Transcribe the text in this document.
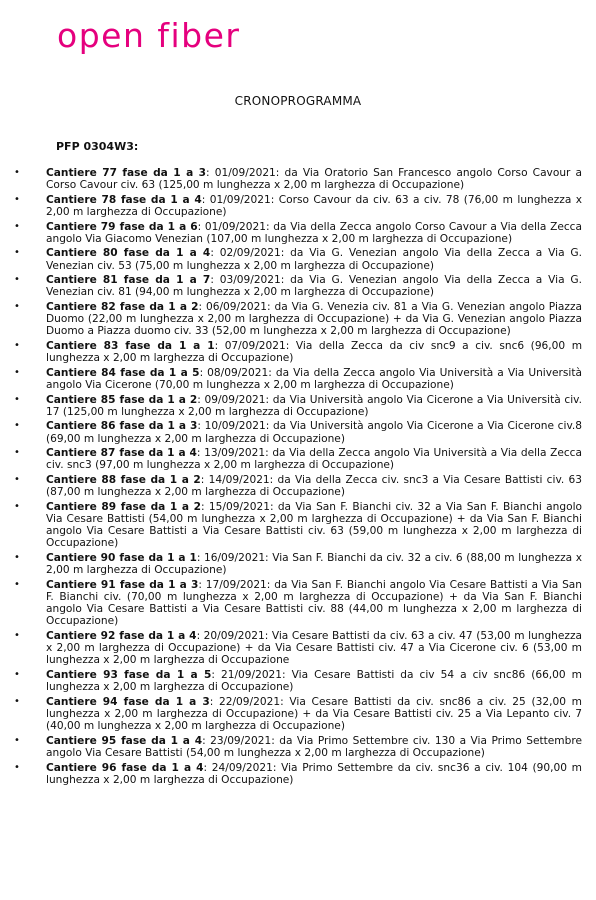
open fiber
CRONOPROGRAMMA
PFP 0304W3:
• Cantiere 77 fase da 1 a 3: 01/09/2021: da Via Oratorio San Francesco angolo Corso Cavour a Corso Cavour civ. 63 (125,00 m lunghezza x 2,00 m larghezza di Occupazione)
• Cantiere 78 fase da 1 a 4: 01/09/2021: Corso Cavour da civ. 63 a civ. 78 (76,00 m lunghezza x 2,00 m larghezza di Occupazione)
• Cantiere 79 fase da 1 a 6: 01/09/2021: da Via della Zecca angolo Corso Cavour a Via della Zecca angolo Via Giacomo Venezian (107,00 m lunghezza x 2,00 m larghezza di Occupazione)
• Cantiere 80 fase da 1 a 4: 02/09/2021: da Via G. Venezian angolo Via della Zecca a Via G. Venezian civ. 53 (75,00 m lunghezza x 2,00 m larghezza di Occupazione)
• Cantiere 81 fase da 1 a 7: 03/09/2021: da Via G. Venezian angolo Via della Zecca a Via G. Venezian civ. 81 (94,00 m lunghezza x 2,00 m larghezza di Occupazione)
• Cantiere 82 fase da 1 a 2: 06/09/2021: da Via G. Venezia civ. 81 a Via G. Venezian angolo Piazza Duomo (22,00 m lunghezza x 2,00 m larghezza di Occupazione) + da Via G. Venezian angolo Piazza Duomo a Piazza duomo civ. 33 (52,00 m lunghezza x 2,00 m larghezza di Occupazione)
• Cantiere 83 fase da 1 a 1: 07/09/2021: Via della Zecca da civ snc9 a civ. snc6 (96,00 m lunghezza x 2,00 m larghezza di Occupazione)
• Cantiere 84 fase da 1 a 5: 08/09/2021: da Via della Zecca angolo Via Università a Via Università angolo Via Cicerone (70,00 m lunghezza x 2,00 m larghezza di Occupazione)
• Cantiere 85 fase da 1 a 2: 09/09/2021: da Via Università angolo Via Cicerone a Via Università civ. 17 (125,00 m lunghezza x 2,00 m larghezza di Occupazione)
• Cantiere 86 fase da 1 a 3: 10/09/2021: da Via Università angolo Via Cicerone a Via Cicerone civ.8 (69,00 m lunghezza x 2,00 m larghezza di Occupazione)
• Cantiere 87 fase da 1 a 4: 13/09/2021: da Via della Zecca angolo Via Università a Via della Zecca civ. snc3 (97,00 m lunghezza x 2,00 m larghezza di Occupazione)
• Cantiere 88 fase da 1 a 2: 14/09/2021: da Via della Zecca civ. snc3 a Via Cesare Battisti civ. 63 (87,00 m lunghezza x 2,00 m larghezza di Occupazione)
• Cantiere 89 fase da 1 a 2: 15/09/2021: da Via San F. Bianchi civ. 32 a Via San F. Bianchi angolo Via Cesare Battisti (54,00 m lunghezza x 2,00 m larghezza di Occupazione) + da Via San F. Bianchi angolo Via Cesare Battisti a Via Cesare Battisti civ. 63 (59,00 m lunghezza x 2,00 m larghezza di Occupazione)
• Cantiere 90 fase da 1 a 1: 16/09/2021: Via San F. Bianchi da civ. 32 a civ. 6 (88,00 m lunghezza x 2,00 m larghezza di Occupazione)
• Cantiere 91 fase da 1 a 3: 17/09/2021: da Via San F. Bianchi angolo Via Cesare Battisti a Via San F. Bianchi civ. (70,00 m lunghezza x 2,00 m larghezza di Occupazione) + da Via San F. Bianchi angolo Via Cesare Battisti a Via Cesare Battisti civ. 88 (44,00 m lunghezza x 2,00 m larghezza di Occupazione)
• Cantiere 92 fase da 1 a 4: 20/09/2021: Via Cesare Battisti da civ. 63 a civ. 47 (53,00 m lunghezza x 2,00 m larghezza di Occupazione) + da Via Cesare Battisti civ. 47 a Via Cicerone civ. 6 (53,00 m lunghezza x 2,00 m larghezza di Occupazione
• Cantiere 93 fase da 1 a 5: 21/09/2021: Via Cesare Battisti da civ 54 a civ snc86 (66,00 m lunghezza x 2,00 m larghezza di Occupazione)
• Cantiere 94 fase da 1 a 3: 22/09/2021: Via Cesare Battisti da civ. snc86 a civ. 25 (32,00 m lunghezza x 2,00 m larghezza di Occupazione) + da Via Cesare Battisti civ. 25 a Via Lepanto civ. 7 (40,00 m lunghezza x 2,00 m larghezza di Occupazione)
• Cantiere 95 fase da 1 a 4: 23/09/2021: da Via Primo Settembre civ. 130 a Via Primo Settembre angolo Via Cesare Battisti (54,00 m lunghezza x 2,00 m larghezza di Occupazione)
• Cantiere 96 fase da 1 a 4: 24/09/2021: Via Primo Settembre da civ. snc36 a civ. 104 (90,00 m lunghezza x 2,00 m larghezza di Occupazione)
